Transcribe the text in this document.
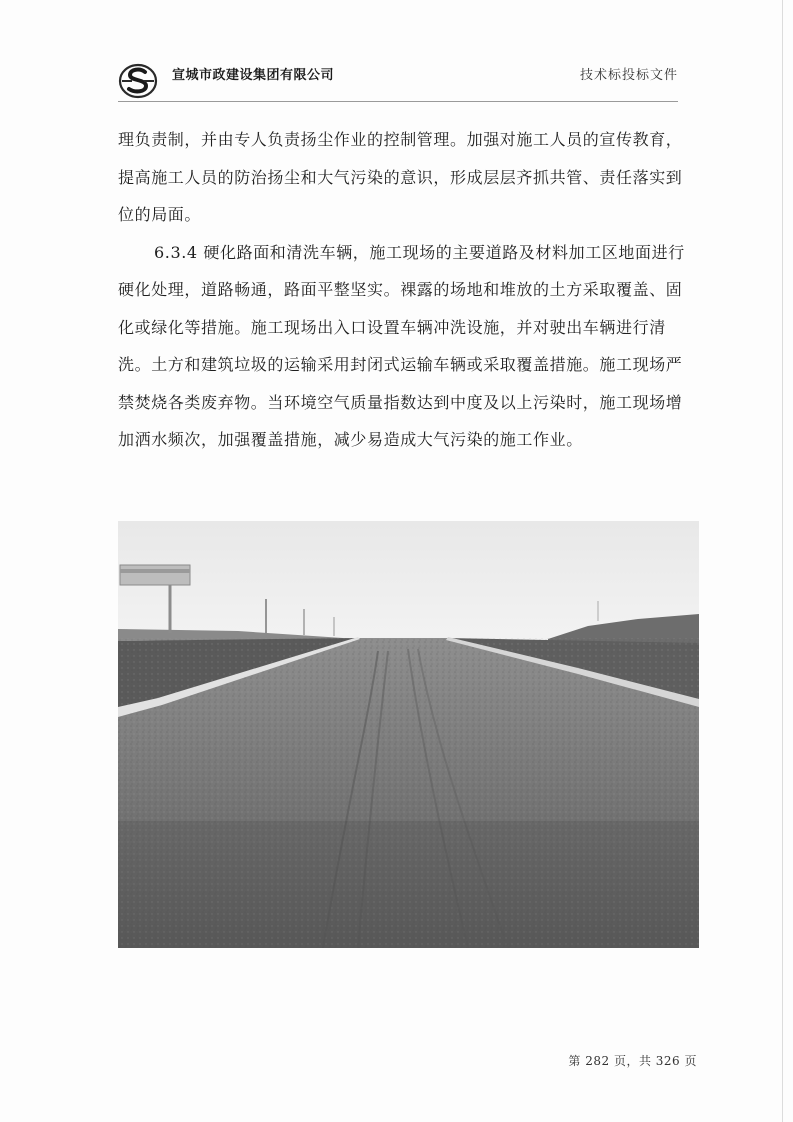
宣城市政建设集团有限公司	技术标投标文件

理负责制，并由专人负责扬尘作业的控制管理。加强对施工人员的宣传教育，提高施工人员的防治扬尘和大气污染的意识，形成层层齐抓共管、责任落实到位的局面。

6.3.4 硬化路面和清洗车辆，施工现场的主要道路及材料加工区地面进行硬化处理，道路畅通，路面平整坚实。裸露的场地和堆放的土方采取覆盖、固化或绿化等措施。施工现场出入口设置车辆冲洗设施，并对驶出车辆进行清洗。土方和建筑垃圾的运输采用封闭式运输车辆或采取覆盖措施。施工现场严禁焚烧各类废弃物。当环境空气质量指数达到中度及以上污染时，施工现场增加洒水频次，加强覆盖措施，减少易造成大气污染的施工作业。

第 282 页，共 326 页
